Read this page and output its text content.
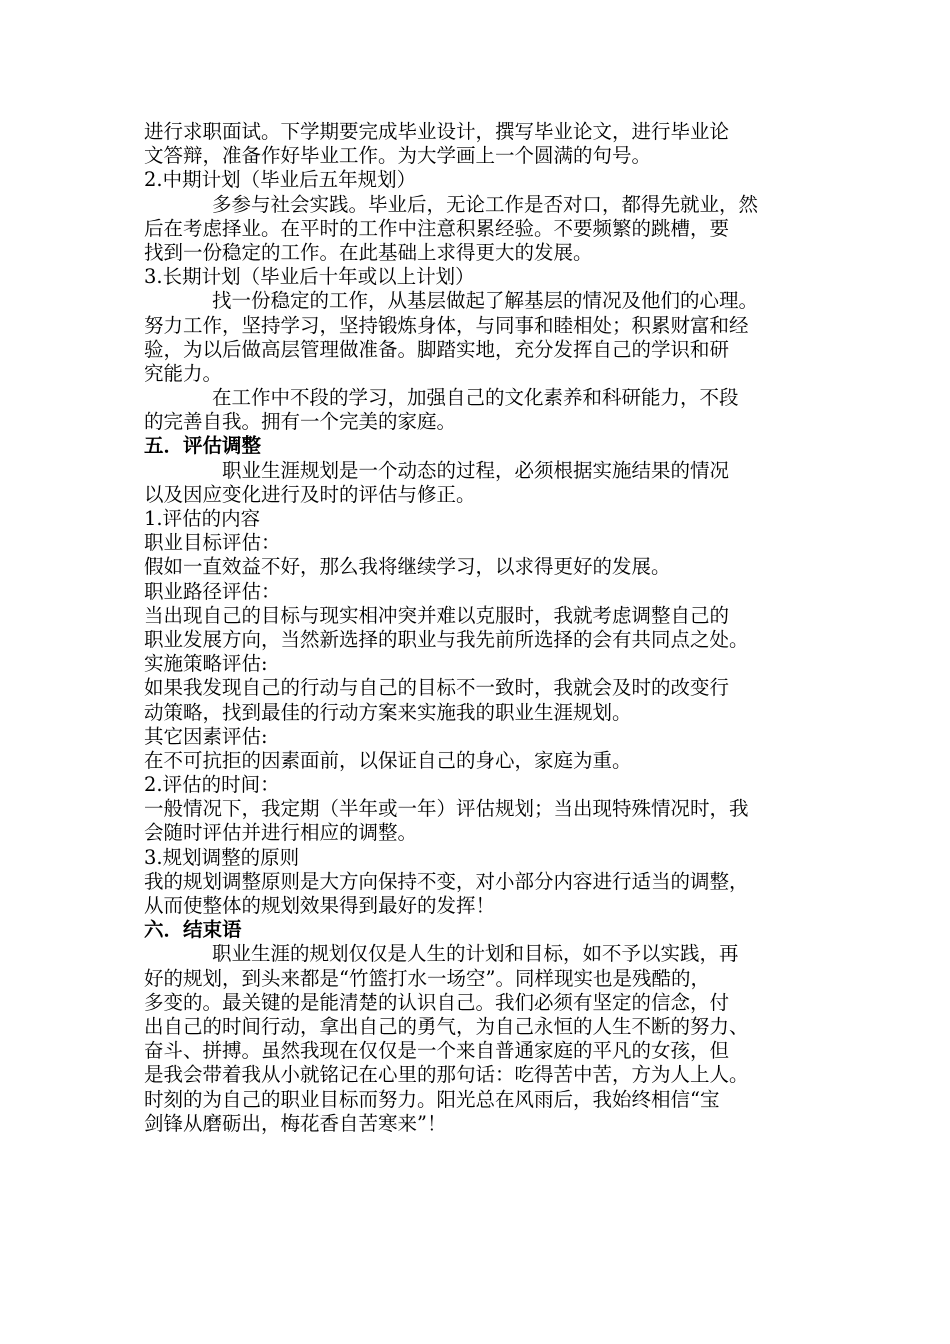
进行求职面试。下学期要完成毕业设计，撰写毕业论文，进行毕业论
文答辩，准备作好毕业工作。为大学画上一个圆满的句号。
2.中期计划（毕业后五年规划）
多参与社会实践。毕业后，无论工作是否对口，都得先就业，然
后在考虑择业。在平时的工作中注意积累经验。不要频繁的跳槽，要
找到一份稳定的工作。在此基础上求得更大的发展。
3.长期计划（毕业后十年或以上计划）
找一份稳定的工作，从基层做起了解基层的情况及他们的心理。
努力工作，坚持学习，坚持锻炼身体，与同事和睦相处；积累财富和经
验，为以后做高层管理做准备。脚踏实地，充分发挥自己的学识和研
究能力。
在工作中不段的学习，加强自己的文化素养和科研能力，不段
的完善自我。拥有一个完美的家庭。
五．评估调整
职业生涯规划是一个动态的过程，必须根据实施结果的情况
以及因应变化进行及时的评估与修正。
1.评估的内容
职业目标评估：
假如一直效益不好，那么我将继续学习，以求得更好的发展。
职业路径评估：
当出现自己的目标与现实相冲突并难以克服时，我就考虑调整自己的
职业发展方向，当然新选择的职业与我先前所选择的会有共同点之处。
实施策略评估:
如果我发现自己的行动与自己的目标不一致时，我就会及时的改变行
动策略，找到最佳的行动方案来实施我的职业生涯规划。
其它因素评估:
在不可抗拒的因素面前，以保证自己的身心，家庭为重。
2.评估的时间：
一般情况下，我定期（半年或一年）评估规划；当出现特殊情况时，我
会随时评估并进行相应的调整。
3.规划调整的原则
我的规划调整原则是大方向保持不变，对小部分内容进行适当的调整，
从而使整体的规划效果得到最好的发挥！
六．结束语
职业生涯的规划仅仅是人生的计划和目标，如不予以实践，再
好的规划，到头来都是“竹篮打水一场空”。同样现实也是残酷的，
多变的。最关键的是能清楚的认识自己。我们必须有坚定的信念，付
出自己的时间行动，拿出自己的勇气，为自己永恒的人生不断的努力、
奋斗、拼搏。虽然我现在仅仅是一个来自普通家庭的平凡的女孩，但
是我会带着我从小就铭记在心里的那句话：吃得苦中苦，方为人上人。
时刻的为自己的职业目标而努力。阳光总在风雨后，我始终相信“宝
剑锋从磨砺出，梅花香自苦寒来”！
